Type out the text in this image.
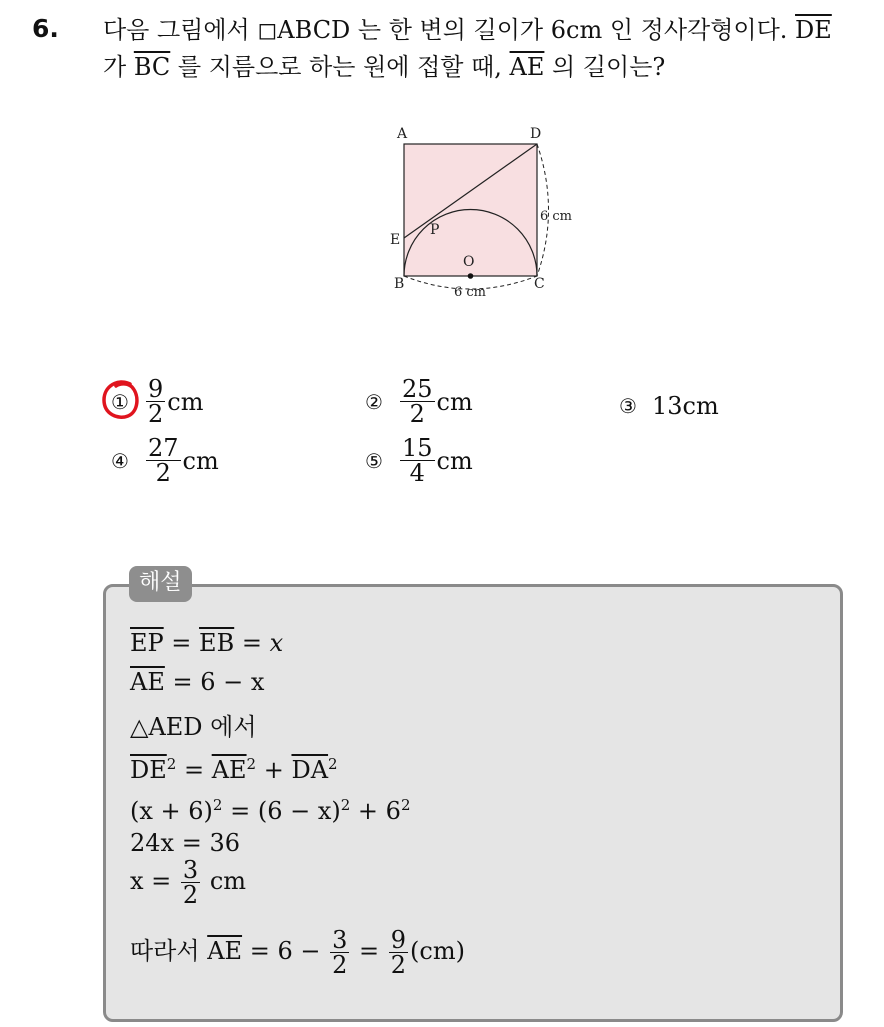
6. 다음 그림에서 ◻ABCD 는 한 변의 길이가 6cm 인 정사각형이다. $\overline{DE}$
가 $\overline{BC}$ 를 지름으로 하는 원에 접할 때, $\overline{AE}$ 의 길이는?
A	D
E
P
O
B	C
6 cm
6 cm
① $\frac{9}{2}$ cm	② $\frac{25}{2}$ cm	③ 13cm
④ $\frac{27}{2}$ cm	⑤ $\frac{15}{4}$ cm
해설
$\overline{EP} = \overline{EB} = x$
$\overline{AE} = 6 - x$
△AED 에서
$\overline{DE}^2 = \overline{AE}^2 + \overline{DA}^2$
$(x + 6)^2 = (6 - x)^2 + 6^2$
24x = 36
$x = \frac{3}{2}$ cm
따라서 $\overline{AE} = 6 - \frac{3}{2} = \frac{9}{2} (cm)$
